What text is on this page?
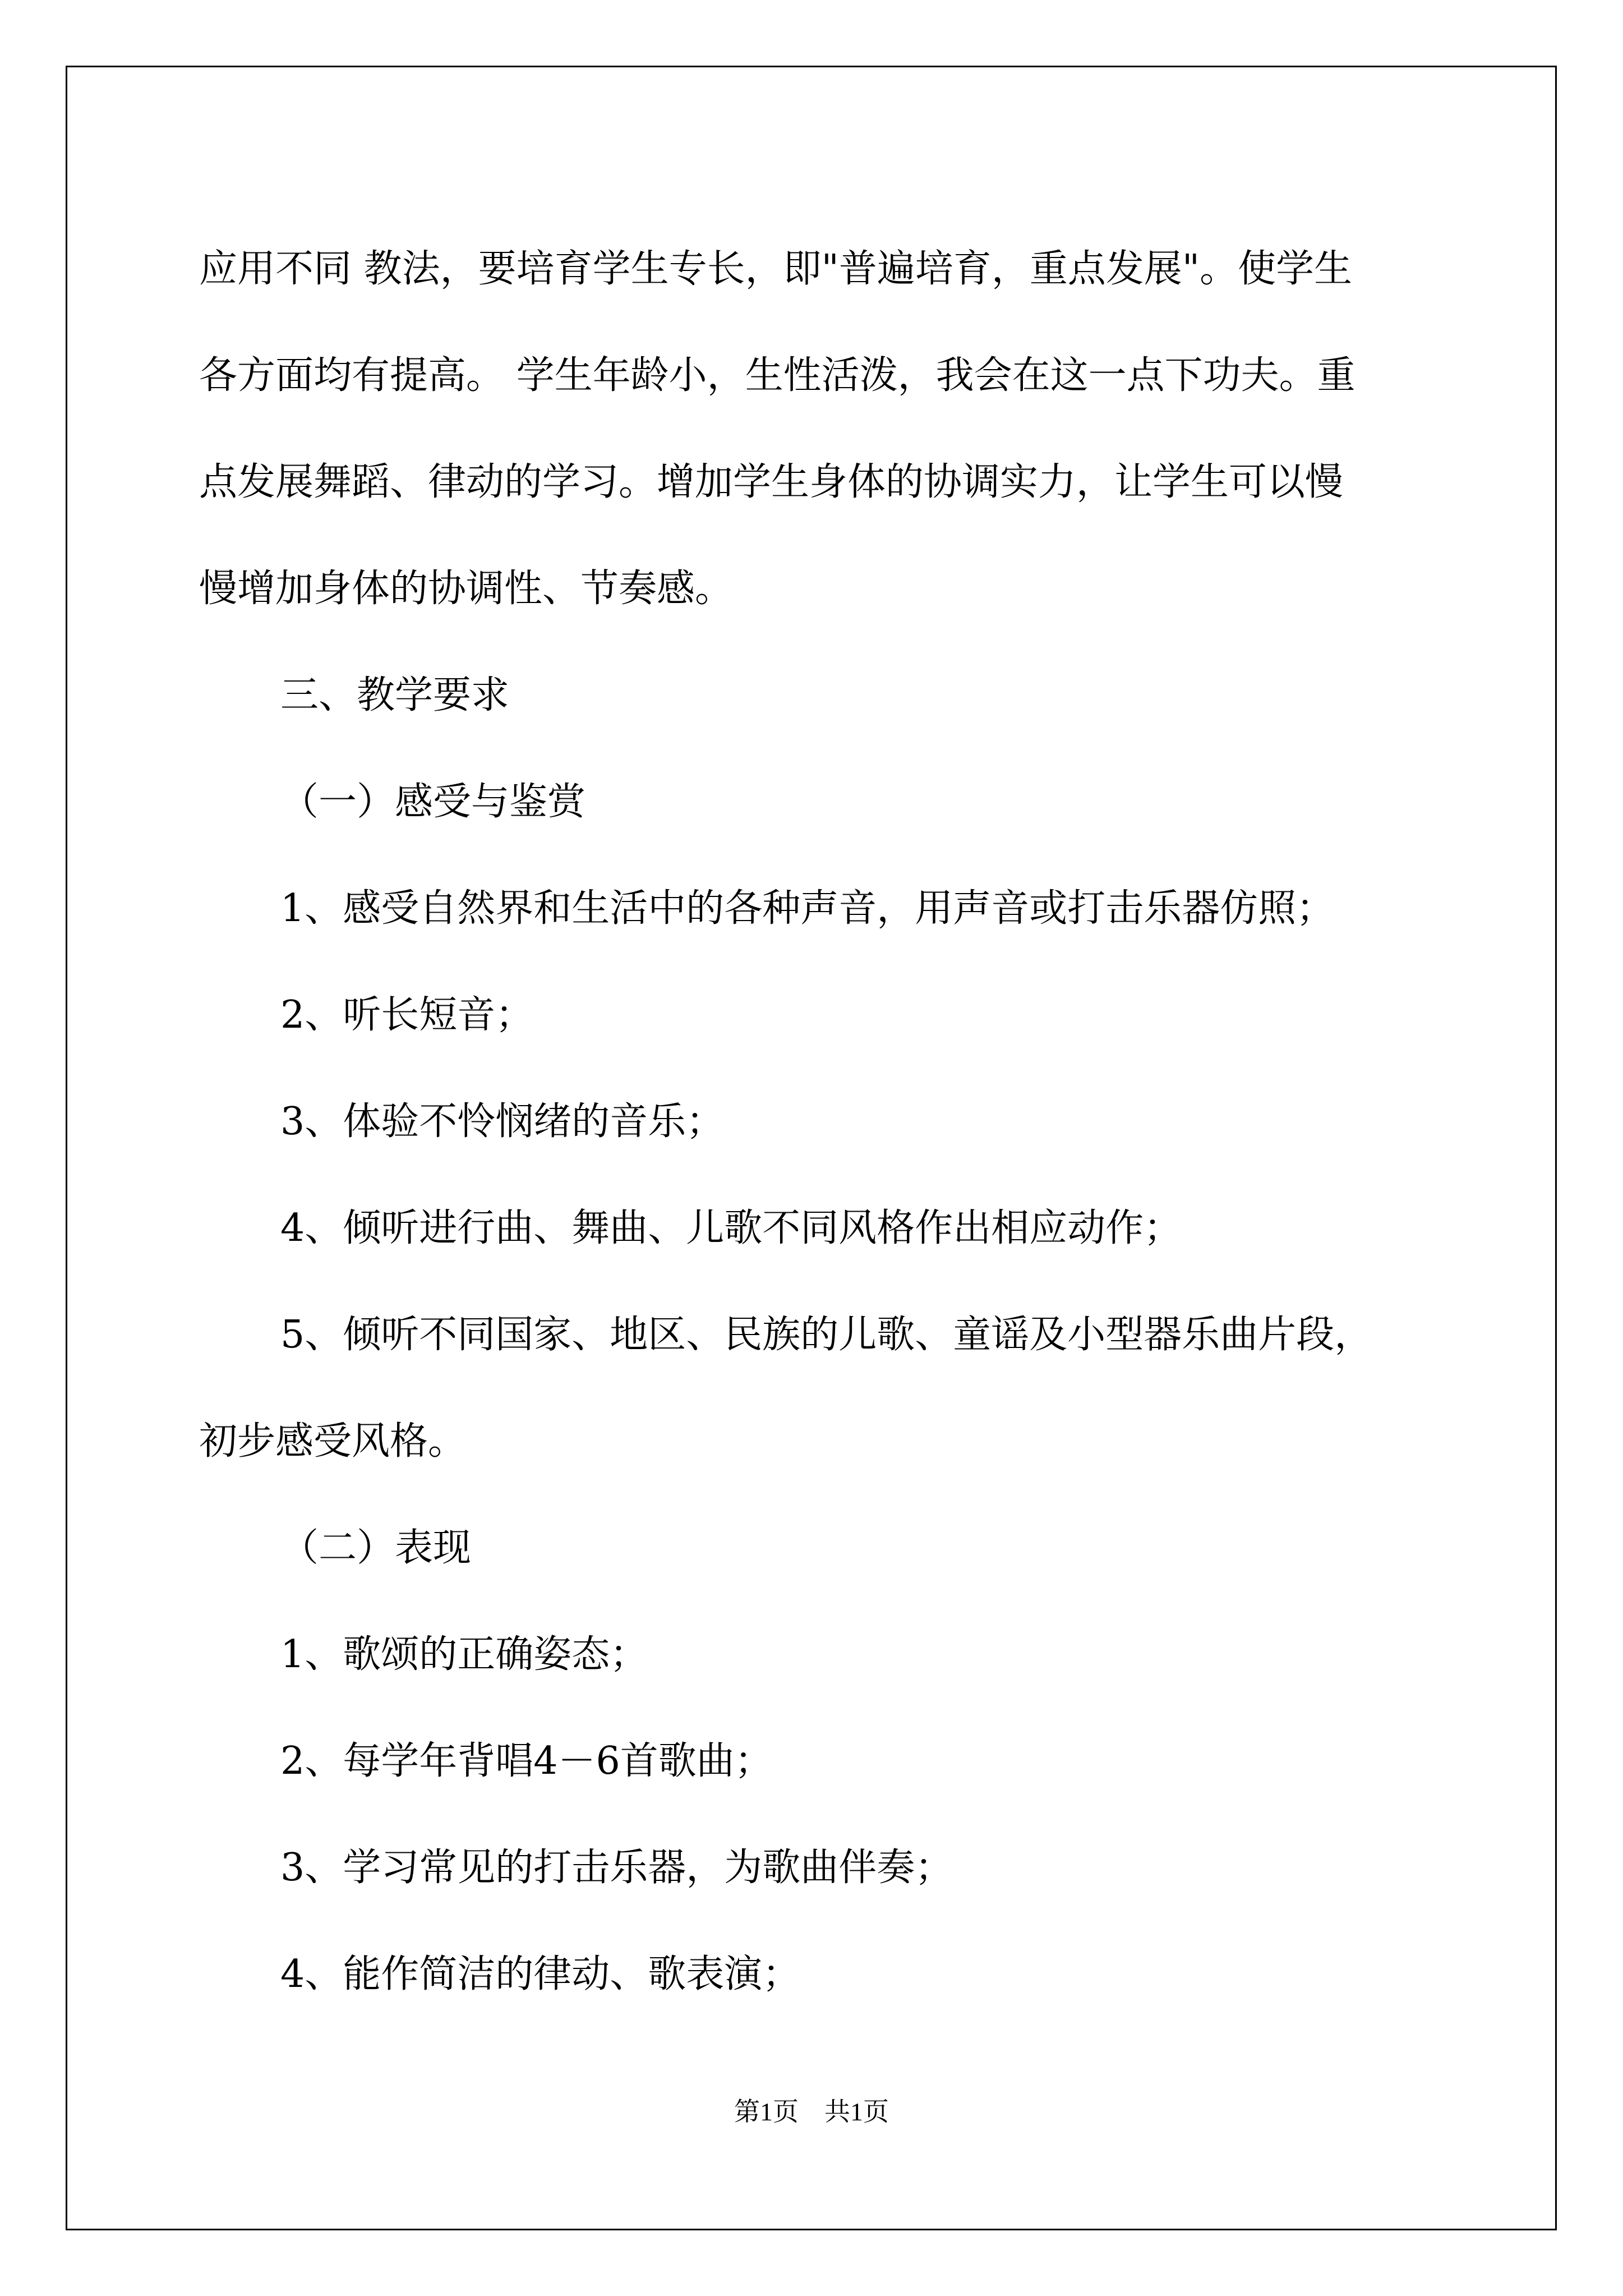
应用不同 教法，要培育学生专长，即"普遍培育，重点发展"。使学生
各方面均有提高。 学生年龄小，生性活泼，我会在这一点下功夫。重
点发展舞蹈、律动的学习。增加学生身体的协调实力，让学生可以慢
慢增加身体的协调性、节奏感。
三、教学要求
（一）感受与鉴赏
1、感受自然界和生活中的各种声音，用声音或打击乐器仿照；
2、听长短音；
3、体验不怜悯绪的音乐；
4、倾听进行曲、舞曲、儿歌不同风格作出相应动作；
5、倾听不同国家、地区、民族的儿歌、童谣及小型器乐曲片段，
初步感受风格。
（二）表现
1、歌颂的正确姿态；
2、每学年背唱4－6首歌曲；
3、学习常见的打击乐器，为歌曲伴奏；
4、能作简洁的律动、歌表演；
第1页　共1页
